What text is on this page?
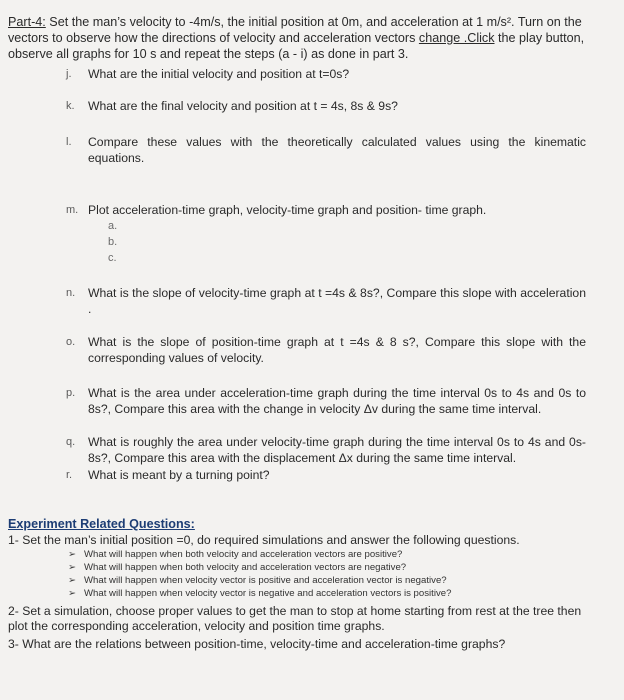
Part-4: Set the man’s velocity to -4m/s, the initial position at 0m, and acceleration at 1 m/s². Turn on the vectors to observe how the directions of velocity and acceleration vectors change .Click the play button, observe all graphs for 10 s and repeat the steps (a - i) as done in part 3.
j.	What are the initial velocity and position at t=0s?
k.	What are the final velocity and position at t = 4s, 8s & 9s?
l.	Compare these values with the theoretically calculated values using the kinematic equations.
m. Plot acceleration-time graph, velocity-time graph and position- time graph.
a.
b.
c.
n.	What is the slope of velocity-time graph at t =4s & 8s?, Compare this slope with acceleration .
o.	What is the slope of position-time graph at t =4s & 8 s?, Compare this slope with the corresponding values of velocity.
p.	What is the area under acceleration-time graph during the time interval 0s to 4s and 0s to 8s?, Compare this area with the change in velocity Δv during the same time interval.
q.	What is roughly the area under velocity-time graph during the time interval 0s to 4s and 0s- 8s?, Compare this area with the displacement Δx during the same time interval.
r.	What is meant by a turning point?
Experiment Related Questions:
1- Set the man’s initial position =0, do required simulations and answer the following questions.
➢ What will happen when both velocity and acceleration vectors are positive?
➢ What will happen when both velocity and acceleration vectors are negative?
➢ What will happen when velocity vector is positive and acceleration vector is negative?
➢ What will happen when velocity vector is negative and acceleration vectors is positive?
2- Set a simulation, choose proper values to get the man to stop at home starting from rest at the tree then plot the corresponding acceleration, velocity and position time graphs.
3- What are the relations between position-time, velocity-time and acceleration-time graphs?
